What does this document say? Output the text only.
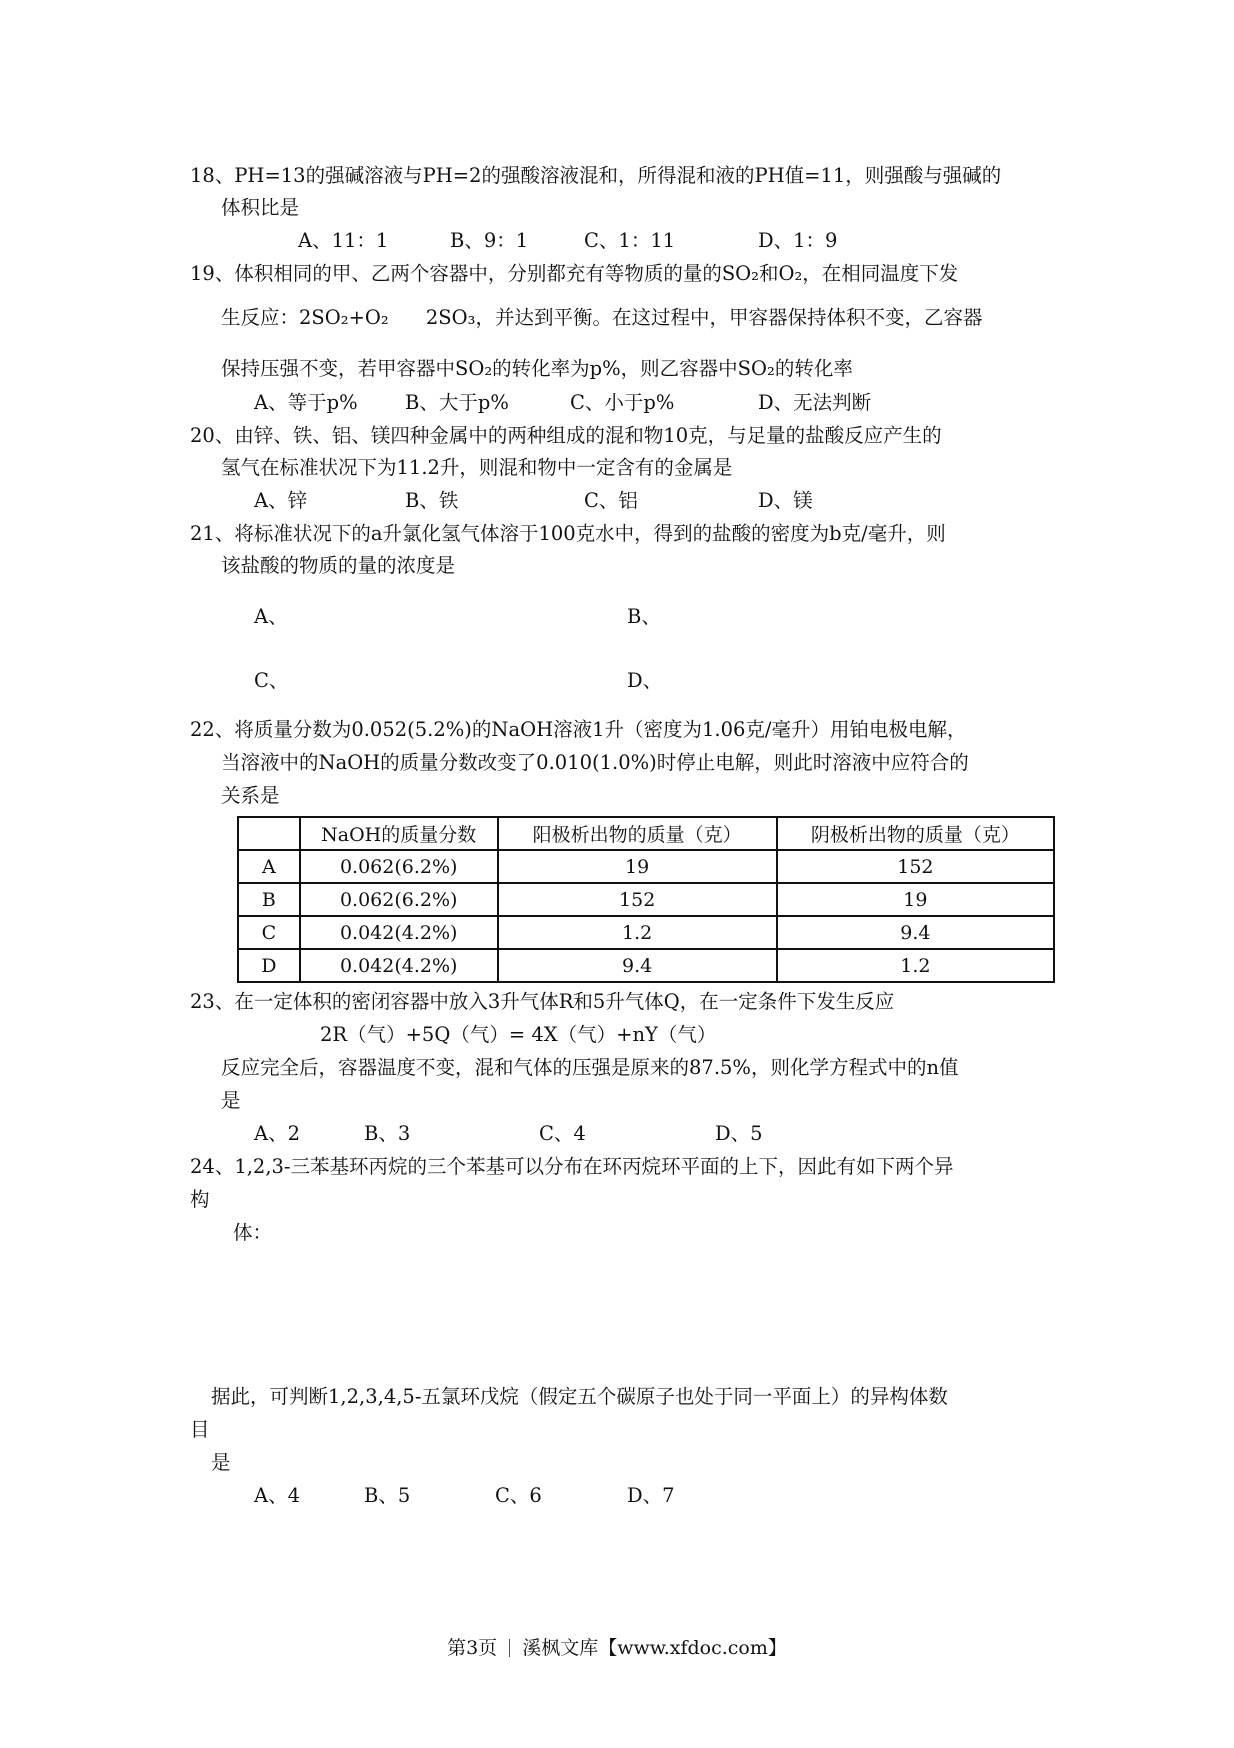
18、PH=13的强碱溶液与PH=2的强酸溶液混和，所得混和液的PH值=11，则强酸与强碱的
体积比是
A、11：1	B、9：1	C、1：11	D、1：9
19、体积相同的甲、乙两个容器中，分别都充有等物质的量的SO₂和O₂，在相同温度下发
生反应：2SO₂+O₂      2SO₃，并达到平衡。在这过程中，甲容器保持体积不变，乙容器
保持压强不变，若甲容器中SO₂的转化率为p%，则乙容器中SO₂的转化率
A、等于p% B、大于p%	C、小于p%	D、无法判断
20、由锌、铁、铝、镁四种金属中的两种组成的混和物10克，与足量的盐酸反应产生的
氢气在标准状况下为11.2升，则混和物中一定含有的金属是
A、锌	B、铁	C、铝	D、镁
21、将标准状况下的a升氯化氢气体溶于100克水中，得到的盐酸的密度为b克/毫升，则
该盐酸的物质的量的浓度是
A、	B、
C、	D、
22、将质量分数为0.052(5.2%)的NaOH溶液1升（密度为1.06克/毫升）用铂电极电解，
当溶液中的NaOH的质量分数改变了0.010(1.0%)时停止电解，则此时溶液中应符合的
关系是
	NaOH的质量分数	阳极析出物的质量（克）	阴极析出物的质量（克）
A	0.062(6.2%)	19	152
B	0.062(6.2%)	152	19
C	0.042(4.2%)	1.2	9.4
D	0.042(4.2%)	9.4	1.2
23、在一定体积的密闭容器中放入3升气体R和5升气体Q，在一定条件下发生反应
2R（气）+5Q（气）= 4X（气）+nY（气）
反应完全后，容器温度不变，混和气体的压强是原来的87.5%，则化学方程式中的n值
是
A、2	B、3	C、4	D、5
24、1,2,3-三苯基环丙烷的三个苯基可以分布在环丙烷环平面的上下，因此有如下两个异
构
体：
据此，可判断1,2,3,4,5-五氯环戊烷（假定五个碳原子也处于同一平面上）的异构体数
目
是
A、4	B、5	C、6	D、7
第3页 溪枫文库【www.xfdoc.com】
